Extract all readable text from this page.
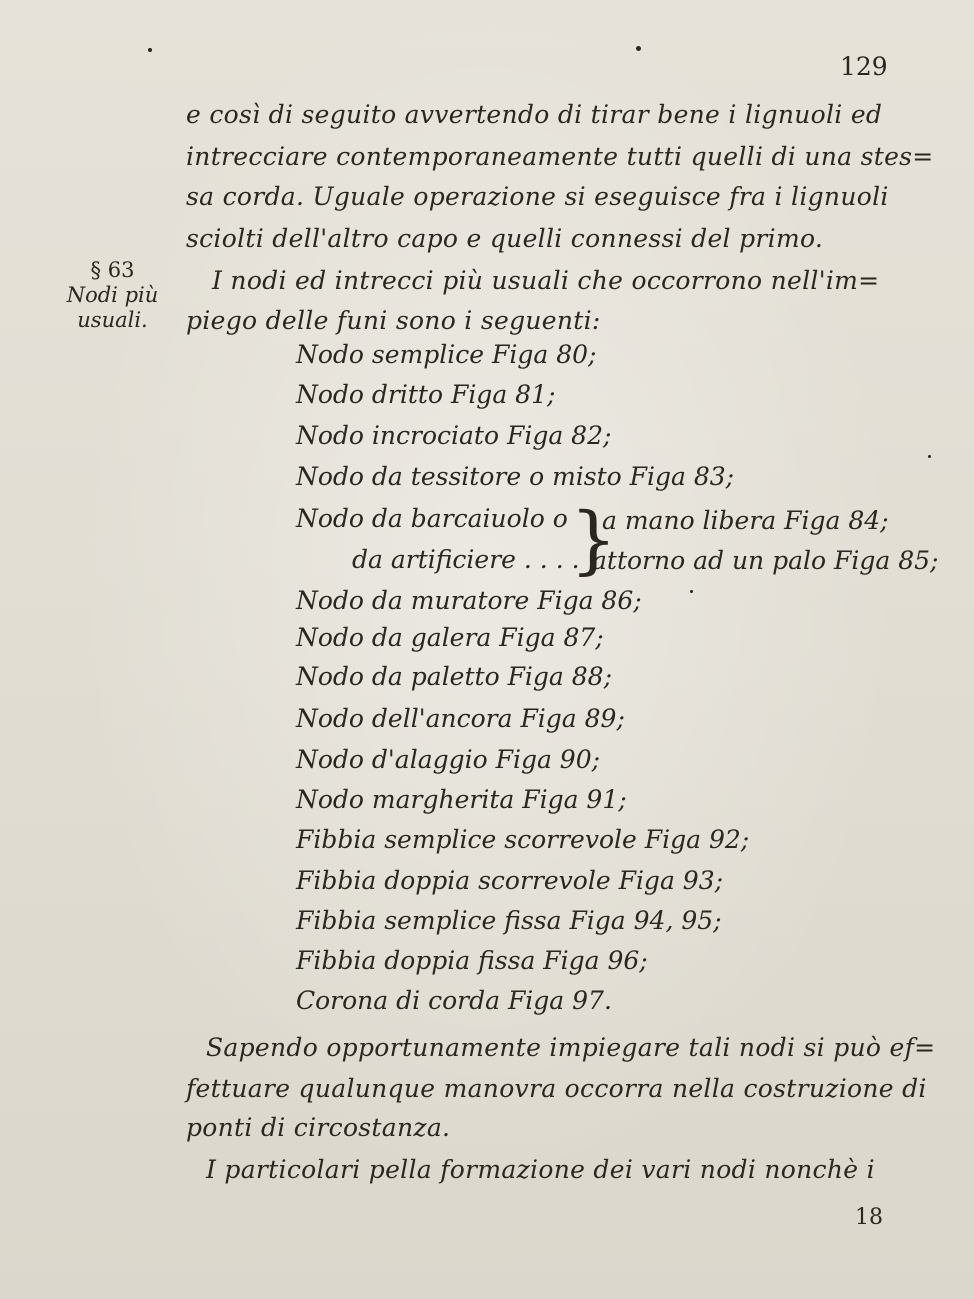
129
§ 63
Nodi più
usuali.
e così di seguito avvertendo di tirar bene i lignuoli ed
intrecciare contemporaneamente tutti quelli di una stes=
sa corda. Uguale operazione si eseguisce fra i lignuoli
sciolti dell'altro capo e quelli connessi del primo.
I nodi ed intrecci più usuali che occorrono nell'im=
piego delle funi sono i seguenti:
Nodo semplice Figa 80;
Nodo dritto Figa 81;
Nodo incrociato Figa 82;
Nodo da tessitore o misto Figa 83;
Nodo da barcaiuolo o
da artificiere . . . .
}
a mano libera Figa 84;
attorno ad un palo Figa 85;
Nodo da muratore Figa 86;
Nodo da galera Figa 87;
Nodo da paletto Figa 88;
Nodo dell'ancora Figa 89;
Nodo d'alaggio Figa 90;
Nodo margherita Figa 91;
Fibbia semplice scorrevole Figa 92;
Fibbia doppia scorrevole Figa 93;
Fibbia semplice fissa Figa 94, 95;
Fibbia doppia fissa Figa 96;
Corona di corda Figa 97.
Sapendo opportunamente impiegare tali nodi si può ef=
fettuare qualunque manovra occorra nella costruzione di
ponti di circostanza.
I particolari pella formazione dei vari nodi nonchè i
18
